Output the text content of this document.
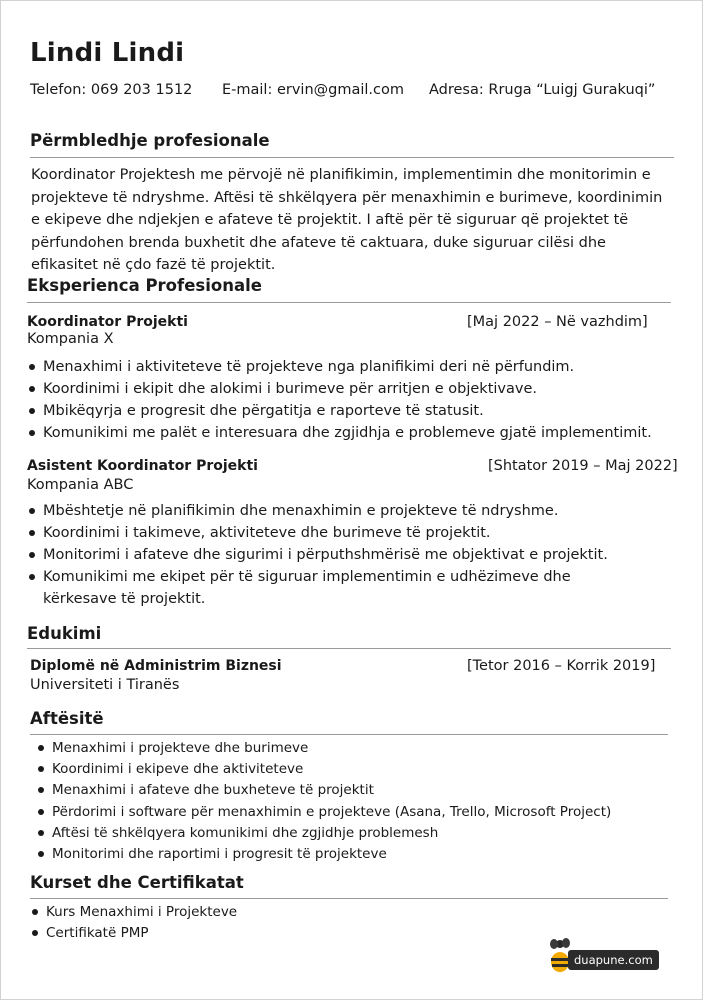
Lindi Lindi
Telefon: 069 203 1512 E-mail: ervin@gmail.com Adresa: Rruga “Luigj Gurakuqi”
Përmbledhje profesionale
Koordinator Projektesh me përvojë në planifikimin, implementimin dhe monitorimin e projekteve të ndryshme. Aftësi të shkëlqyera për menaxhimin e burimeve, koordinimin e ekipeve dhe ndjekjen e afateve të projektit. I aftë për të siguruar që projektet të përfundohen brenda buxhetit dhe afateve të caktuara, duke siguruar cilësi dhe efikasitet në çdo fazë të projektit.
Eksperienca Profesionale
Koordinator Projekti	[Maj 2022 – Në vazhdim]
Kompania X
Menaxhimi i aktiviteteve të projekteve nga planifikimi deri në përfundim.
Koordinimi i ekipit dhe alokimi i burimeve për arritjen e objektivave.
Mbikëqyrja e progresit dhe përgatitja e raporteve të statusit.
Komunikimi me palët e interesuara dhe zgjidhja e problemeve gjatë implementimit.
Asistent Koordinator Projekti	[Shtator 2019 – Maj 2022]
Kompania ABC
Mbështetje në planifikimin dhe menaxhimin e projekteve të ndryshme.
Koordinimi i takimeve, aktiviteteve dhe burimeve të projektit.
Monitorimi i afateve dhe sigurimi i përputhshmërisë me objektivat e projektit.
Komunikimi me ekipet për të siguruar implementimin e udhëzimeve dhe
kërkesave të projektit.
Edukimi
Diplomë në Administrim Biznesi	[Tetor 2016 – Korrik 2019]
Universiteti i Tiranës
Aftësitë
Menaxhimi i projekteve dhe burimeve
Koordinimi i ekipeve dhe aktiviteteve
Menaxhimi i afateve dhe buxheteve të projektit
Përdorimi i software për menaxhimin e projekteve (Asana, Trello, Microsoft Project)
Aftësi të shkëlqyera komunikimi dhe zgjidhje problemesh
Monitorimi dhe raportimi i progresit të projekteve
Kurset dhe Certifikatat
Kurs Menaxhimi i Projekteve
Certifikatë PMP
duapune.com
